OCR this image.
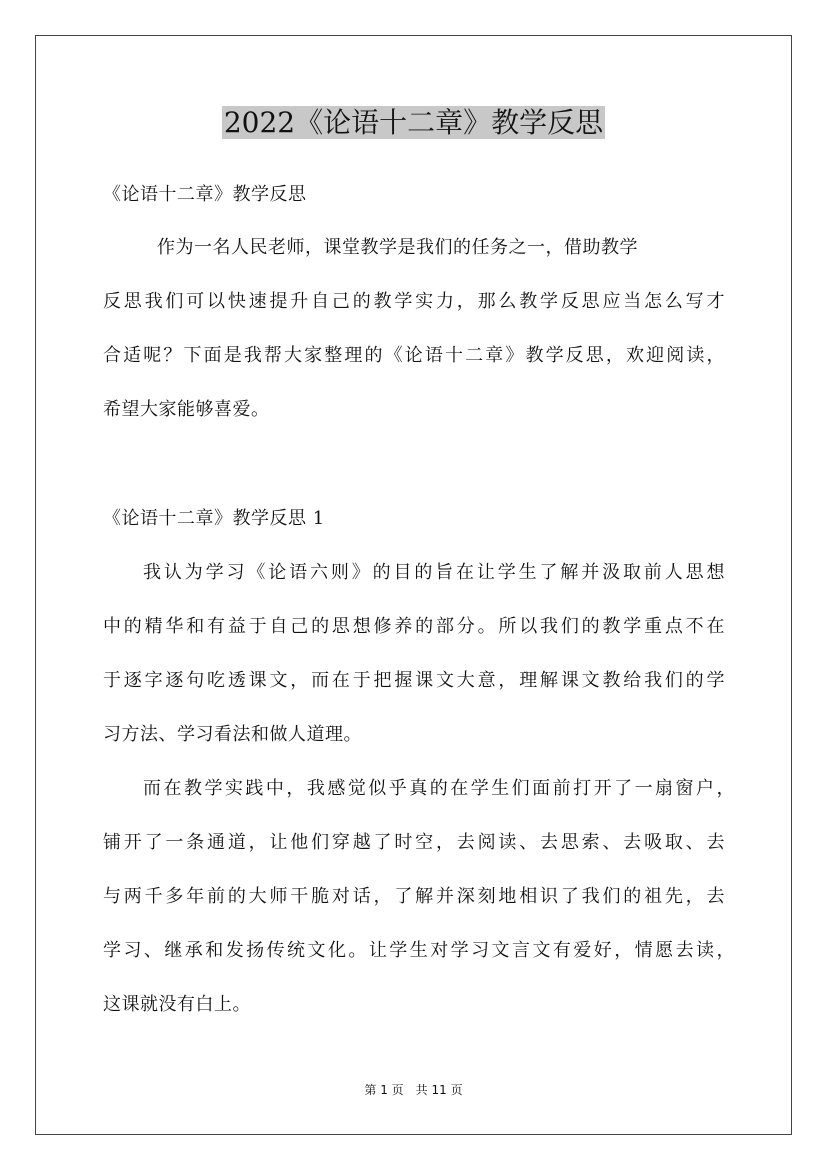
2022《论语十二章》教学反思
《论语十二章》教学反思
作为一名人民老师，课堂教学是我们的任务之一，借助教学
反思我们可以快速提升自己的教学实力，那么教学反思应当怎么写才
合适呢？下面是我帮大家整理的《论语十二章》教学反思，欢迎阅读，
希望大家能够喜爱。
《论语十二章》教学反思 1
我认为学习《论语六则》的目的旨在让学生了解并汲取前人思想
中的精华和有益于自己的思想修养的部分。所以我们的教学重点不在
于逐字逐句吃透课文，而在于把握课文大意，理解课文教给我们的学
习方法、学习看法和做人道理。
而在教学实践中，我感觉似乎真的在学生们面前打开了一扇窗户，
铺开了一条通道，让他们穿越了时空，去阅读、去思索、去吸取、去
与两千多年前的大师干脆对话，了解并深刻地相识了我们的祖先，去
学习、继承和发扬传统文化。让学生对学习文言文有爱好，情愿去读，
这课就没有白上。
第 1 页　共 11 页
